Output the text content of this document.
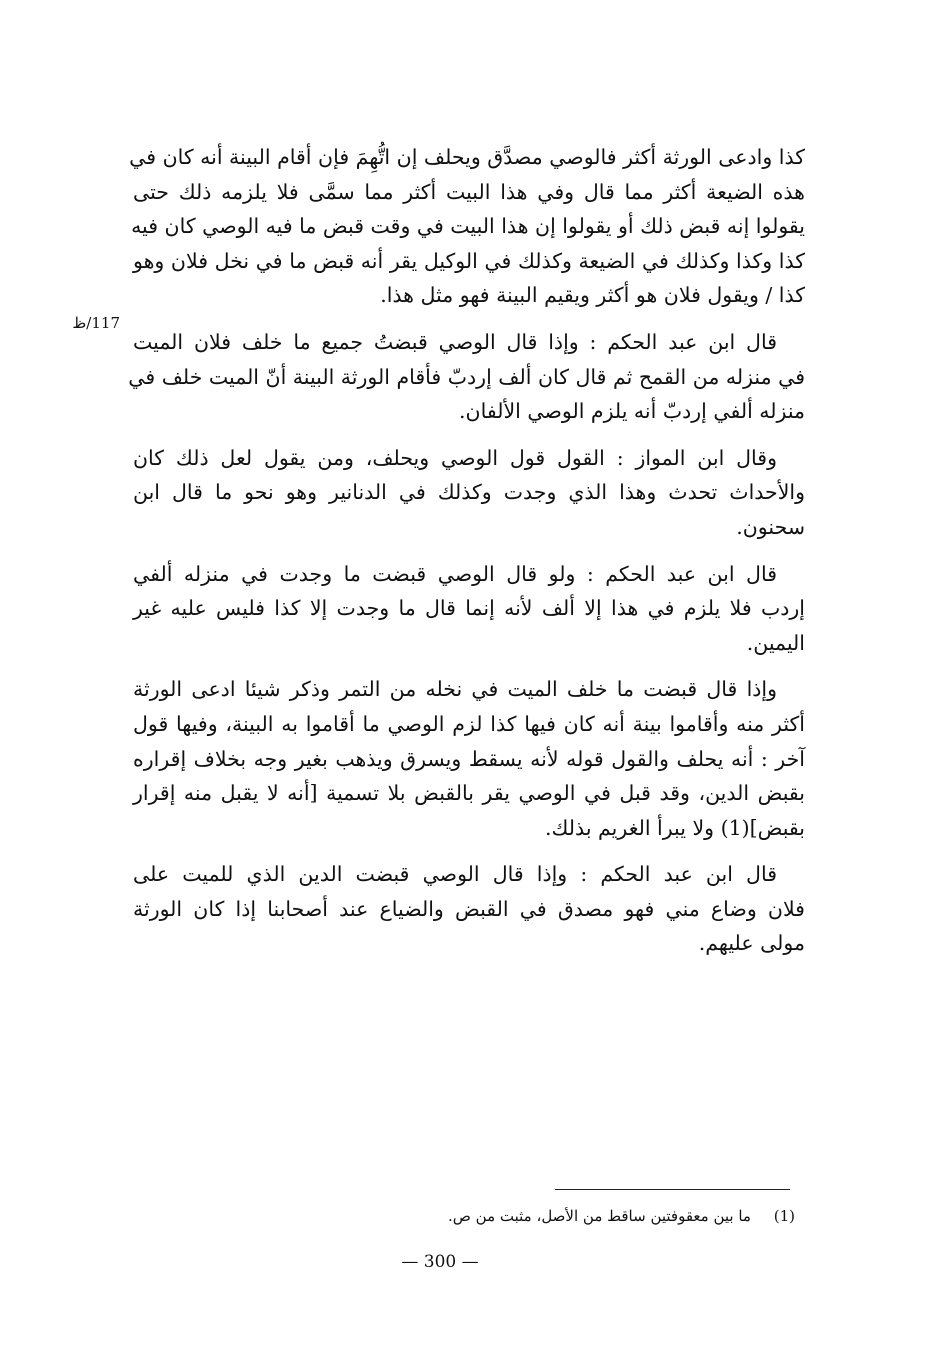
117/ظ
كذا وادعى الورثة أكثر فالوصي مصدَّق ويحلف إن اتُّهِمَ فإن أقام البينة أنه كان في
هذه الضيعة أكثر مما قال وفي هذا البيت أكثر مما سمَّى فلا يلزمه ذلك حتى
يقولوا إنه قبض ذلك أو يقولوا إن هذا البيت في وقت قبض ما فيه الوصي كان فيه
كذا وكذا وكذلك في الضيعة وكذلك في الوكيل يقر أنه قبض ما في نخل فلان وهو
كذا / ويقول فلان هو أكثر ويقيم البينة فهو مثل هذا.
قال ابن عبد الحكم : وإذا قال الوصي قبضتُ جميع ما خلف فلان الميت
في منزله من القمح ثم قال كان ألف إردبّ فأقام الورثة البينة أنّ الميت خلف في
منزله ألفي إردبّ أنه يلزم الوصي الألفان.
وقال ابن المواز : القول قول الوصي ويحلف، ومن يقول لعل ذلك كان
والأحداث تحدث وهذا الذي وجدت وكذلك في الدنانير وهو نحو ما قال ابن
سحنون.
قال ابن عبد الحكم : ولو قال الوصي قبضت ما وجدت في منزله ألفي
إردب فلا يلزم في هذا إلا ألف لأنه إنما قال ما وجدت إلا كذا فليس عليه غير
اليمين.
وإذا قال قبضت ما خلف الميت في نخله من التمر وذكر شيئا ادعى الورثة
أكثر منه وأقاموا بينة أنه كان فيها كذا لزم الوصي ما أقاموا به البينة، وفيها قول
آخر : أنه يحلف والقول قوله لأنه يسقط ويسرق ويذهب بغير وجه بخلاف إقراره
بقبض الدين، وقد قبل في الوصي يقر بالقبض بلا تسمية [أنه لا يقبل منه إقرار
بقبض](1) ولا يبرأ الغريم بذلك.
قال ابن عبد الحكم : وإذا قال الوصي قبضت الدين الذي للميت على
فلان وضاع مني فهو مصدق في القبض والضياع عند أصحابنا إذا كان الورثة
مولى عليهم.
(1) ما بين معقوفتين ساقط من الأصل، مثبت من ص.
— 300 —
